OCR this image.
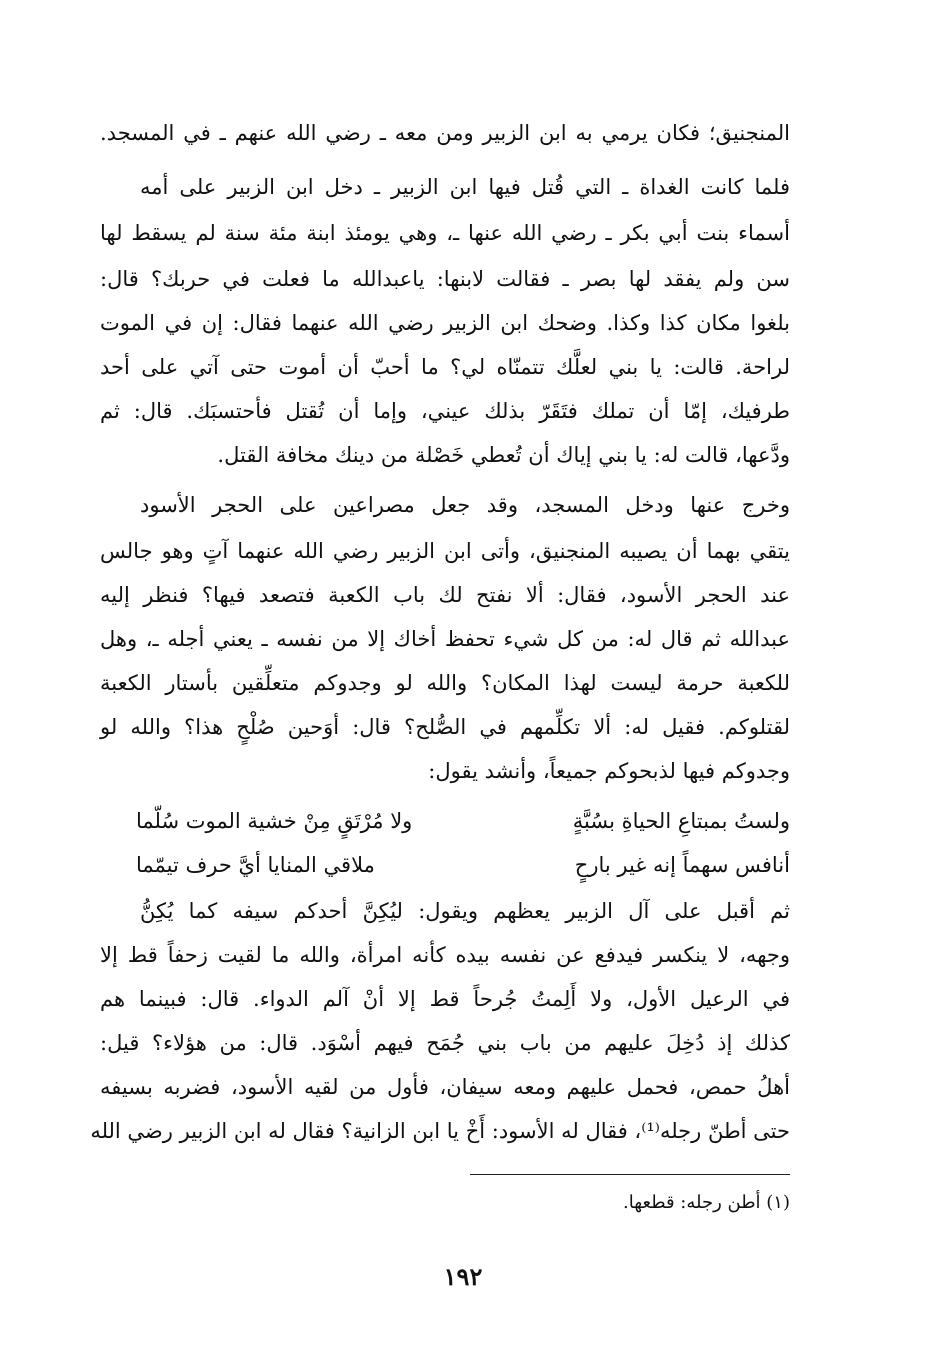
المنجنيق؛ فكان يرمي به ابن الزبير ومن معه ـ رضي الله عنهم ـ في المسجد.
فلما كانت الغداة ـ التي قُتل فيها ابن الزبير ـ دخل ابن الزبير على أمه
أسماء بنت أبي بكر ـ رضي الله عنها ـ، وهي يومئذ ابنة مئة سنة لم يسقط لها
سن ولم يفقد لها بصر ـ فقالت لابنها: ياعبدالله ما فعلت في حربك؟ قال:
بلغوا مكان كذا وكذا. وضحك ابن الزبير رضي الله عنهما فقال: إن في الموت
لراحة. قالت: يا بني لعلَّك تتمنّاه لي؟ ما أحبّ أن أموت حتى آتي على أحد
طرفيك، إمّا أن تملك فتَقَرّ بذلك عيني، وإما أن تُقتل فأحتسبَك. قال: ثم
ودَّعها، قالت له: يا بني إياك أن تُعطي خَصْلة من دينك مخافة القتل.
وخرج عنها ودخل المسجد، وقد جعل مصراعين على الحجر الأسود
يتقي بهما أن يصيبه المنجنيق، وأتى ابن الزبير رضي الله عنهما آتٍ وهو جالس
عند الحجر الأسود، فقال: ألا نفتح لك باب الكعبة فتصعد فيها؟ فنظر إليه
عبدالله ثم قال له: من كل شيء تحفظ أخاك إلا من نفسه ـ يعني أجله ـ، وهل
للكعبة حرمة ليست لهذا المكان؟ والله لو وجدوكم متعلِّقين بأستار الكعبة
لقتلوكم. فقيل له: ألا تكلِّمهم في الصُّلح؟ قال: أوَحين صُلْحٍ هذا؟ والله لو
وجدوكم فيها لذبحوكم جميعاً، وأنشد يقول:
ولستُ بمبتاعِ الحياةِ بسُبَّةٍ
ولا مُرْتَقٍ مِنْ خشية الموت سُلّما
أنافس سهماً إنه غير بارحٍ
ملاقي المنايا أيَّ حرف تيمّما
ثم أقبل على آل الزبير يعظهم ويقول: ليُكِنَّ أحدكم سيفه كما يُكِنُّ
وجهه، لا ينكسر فيدفع عن نفسه بيده كأنه امرأة، والله ما لقيت زحفاً قط إلا
في الرعيل الأول، ولا أَلِمتُ جُرحاً قط إلا أنْ آلم الدواء. قال: فبينما هم
كذلك إذ دُخِلَ عليهم من باب بني جُمَح فيهم أسْوَد. قال: من هؤلاء؟ قيل:
أهلُ حمص، فحمل عليهم ومعه سيفان، فأول من لقيه الأسود، فضربه بسيفه
حتى أطنّ رجله⁽¹⁾، فقال له الأسود: أَخْ يا ابن الزانية؟ فقال له ابن الزبير رضي الله
(١) أطن رجله: قطعها.
١٩٢
